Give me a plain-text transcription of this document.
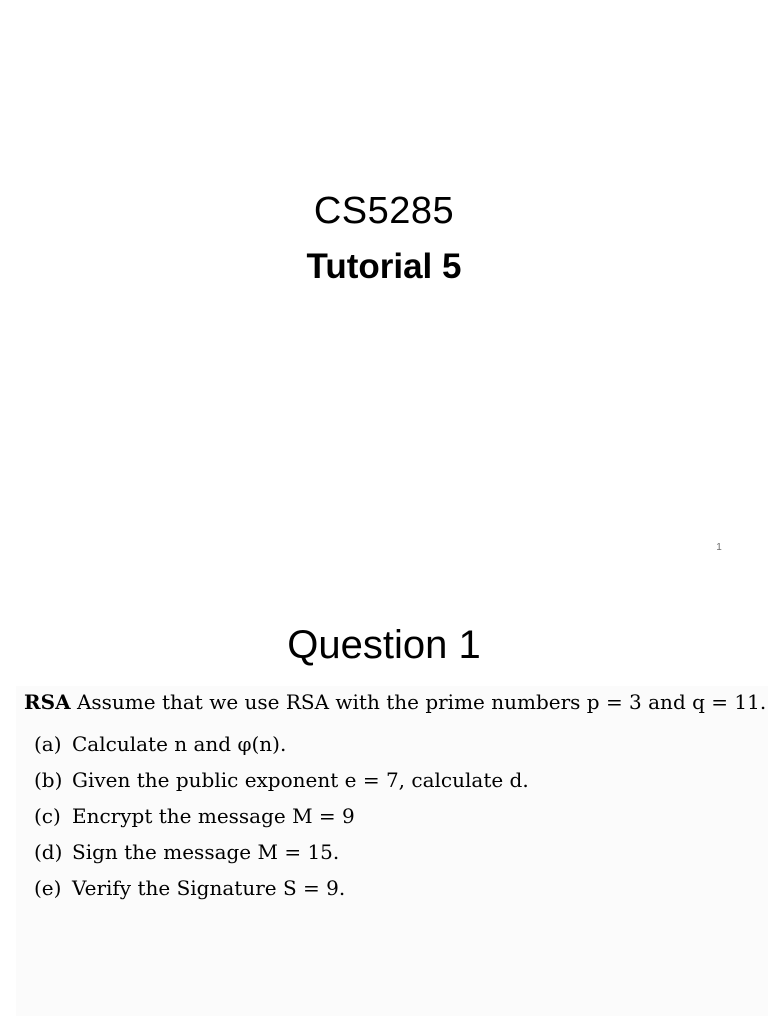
CS5285
Tutorial 5
1
Question 1
RSA Assume that we use RSA with the prime numbers p = 3 and q = 11.
(a) Calculate n and φ(n).
(b) Given the public exponent e = 7, calculate d.
(c) Encrypt the message M = 9
(d) Sign the message M = 15.
(e) Verify the Signature S = 9.
